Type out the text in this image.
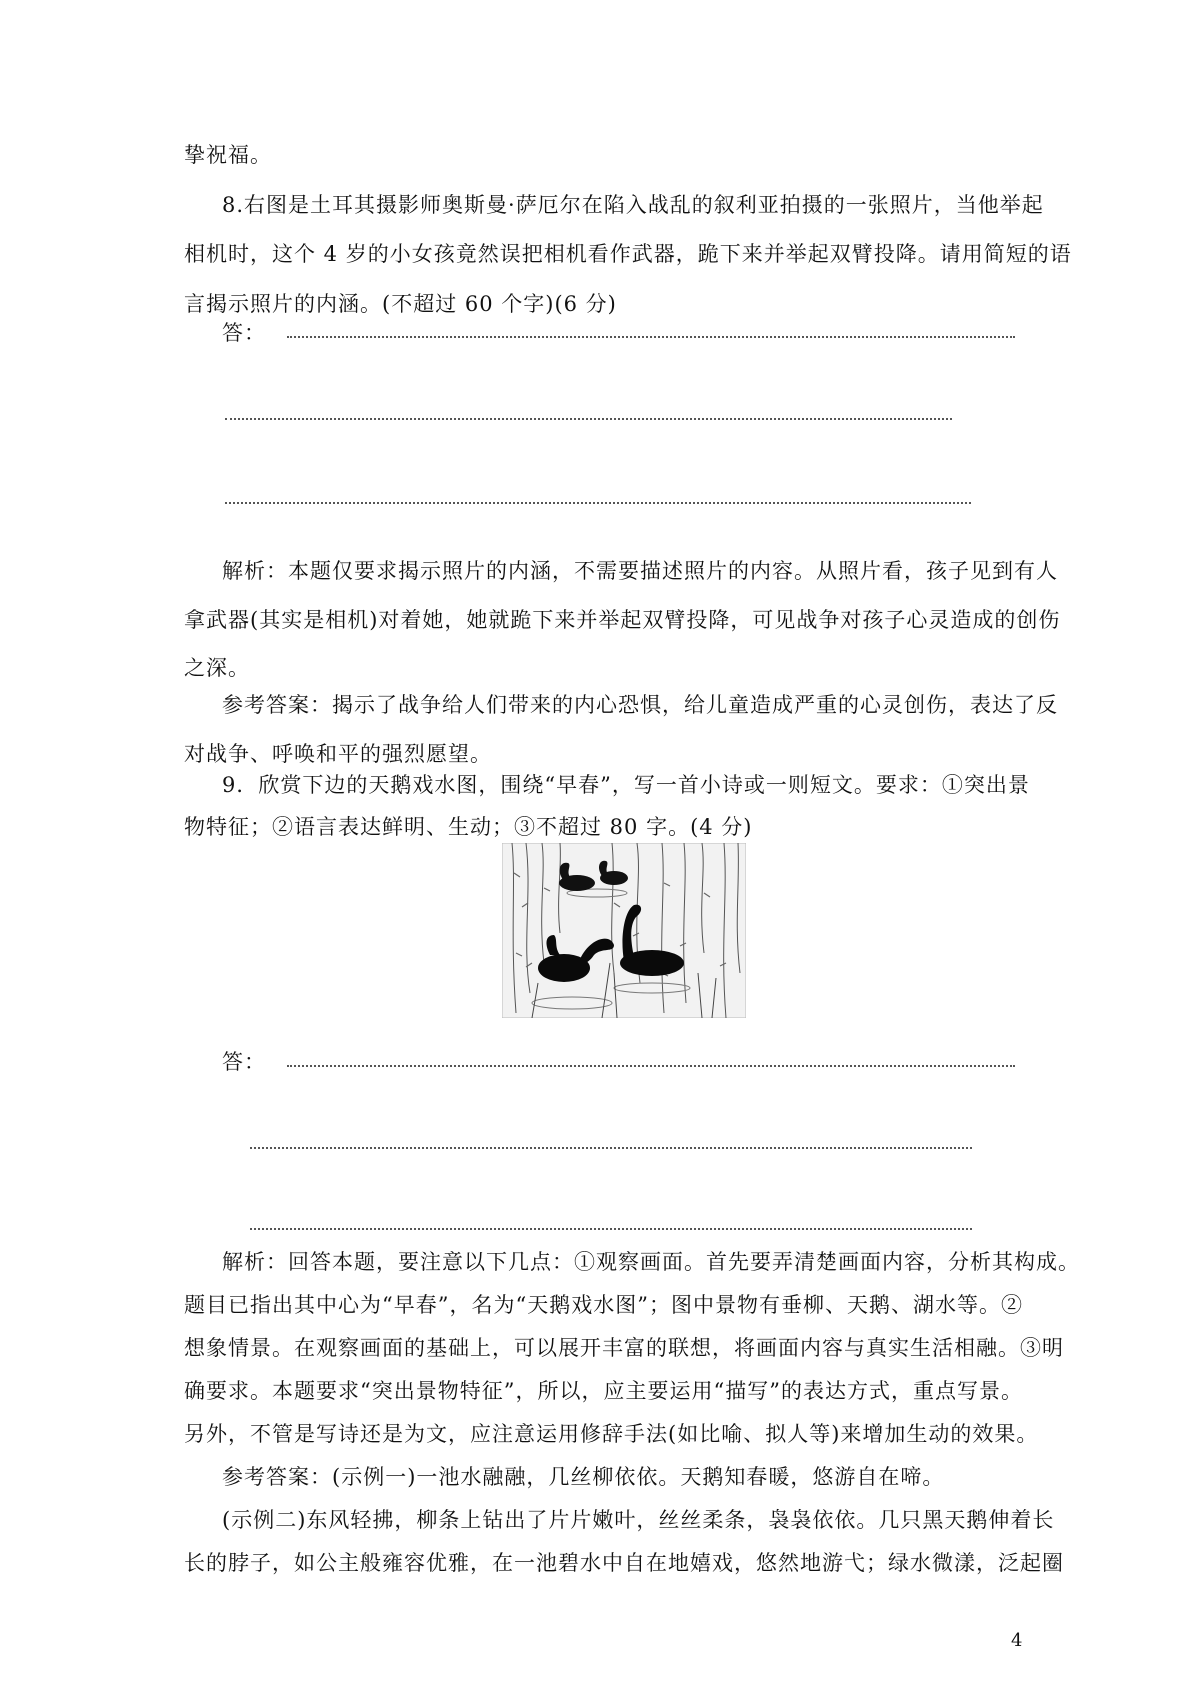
挚祝福。
8.右图是土耳其摄影师奥斯曼·萨厄尔在陷入战乱的叙利亚拍摄的一张照片，当他举起
相机时，这个 4 岁的小女孩竟然误把相机看作武器，跪下来并举起双臂投降。请用简短的语
言揭示照片的内涵。(不超过 60 个字)(6 分)
答：
解析：本题仅要求揭示照片的内涵，不需要描述照片的内容。从照片看，孩子见到有人
拿武器(其实是相机)对着她，她就跪下来并举起双臂投降，可见战争对孩子心灵造成的创伤
之深。
参考答案：揭示了战争给人们带来的内心恐惧，给儿童造成严重的心灵创伤，表达了反
对战争、呼唤和平的强烈愿望。
9．欣赏下边的天鹅戏水图，围绕“早春”，写一首小诗或一则短文。要求：①突出景
物特征；②语言表达鲜明、生动；③不超过 80 字。(4 分)
答：
解析：回答本题，要注意以下几点：①观察画面。首先要弄清楚画面内容，分析其构成。
题目已指出其中心为“早春”，名为“天鹅戏水图”；图中景物有垂柳、天鹅、湖水等。②
想象情景。在观察画面的基础上，可以展开丰富的联想，将画面内容与真实生活相融。③明
确要求。本题要求“突出景物特征”，所以，应主要运用“描写”的表达方式，重点写景。
另外，不管是写诗还是为文，应注意运用修辞手法(如比喻、拟人等)来增加生动的效果。
参考答案：(示例一)一池水融融，几丝柳依依。天鹅知春暖，悠游自在啼。
(示例二)东风轻拂，柳条上钻出了片片嫩叶，丝丝柔条，袅袅依依。几只黑天鹅伸着长
长的脖子，如公主般雍容优雅，在一池碧水中自在地嬉戏，悠然地游弋；绿水微漾，泛起圈
4
